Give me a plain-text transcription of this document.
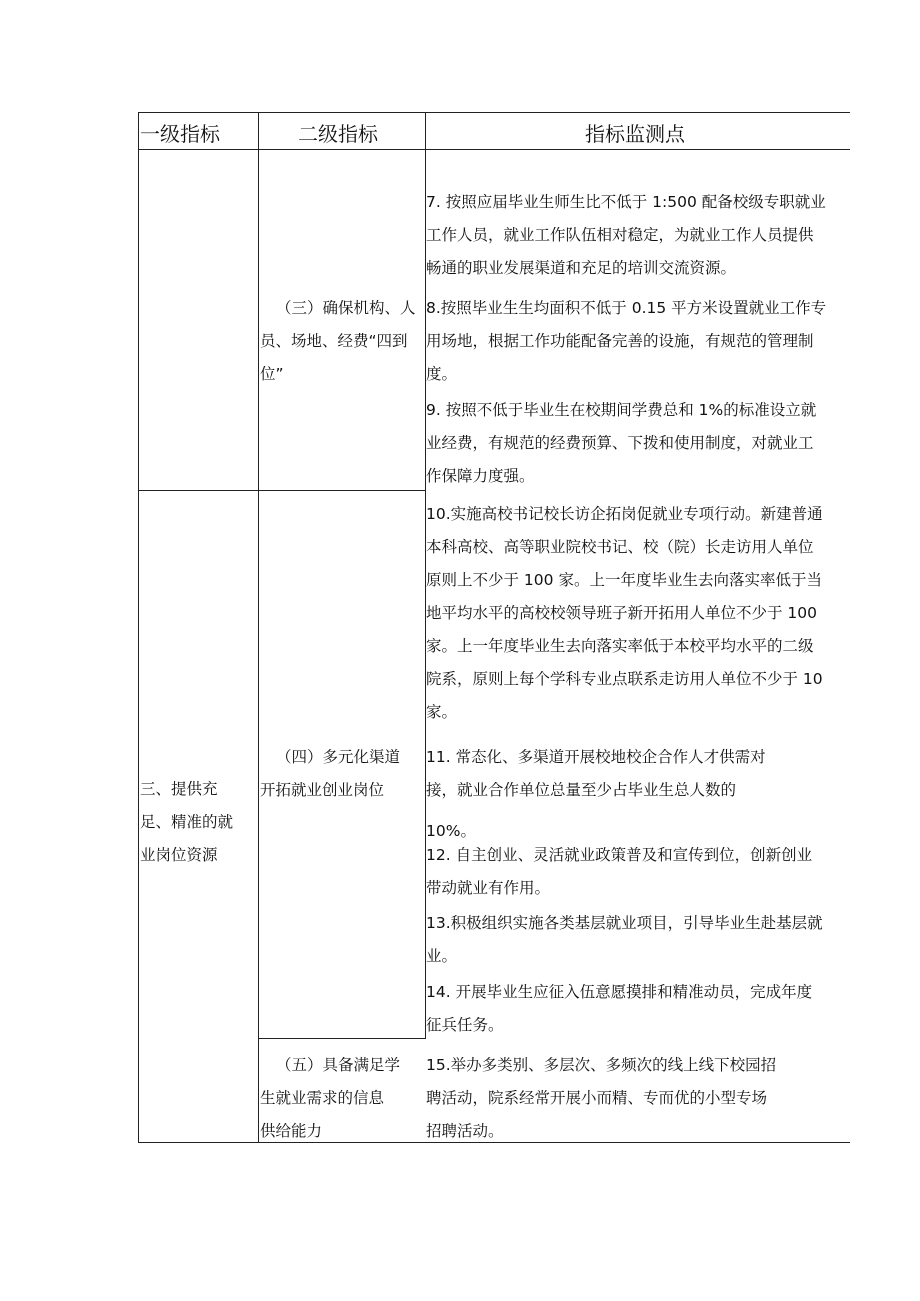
一级指标	二级指标	指标监测点
三、提供充
足、精准的就
业岗位资源
（三）确保机构、人
员、场地、经费“四到
位”
（四）多元化渠道
开拓就业创业岗位
（五）具备满足学
生就业需求的信息
供给能力
7. 按照应届毕业生师生比不低于 1:500 配备校级专职就业
工作人员，就业工作队伍相对稳定，为就业工作人员提供
畅通的职业发展渠道和充足的培训交流资源。
8.按照毕业生生均面积不低于 0.15 平方米设置就业工作专
用场地，根据工作功能配备完善的设施，有规范的管理制
度。
9. 按照不低于毕业生在校期间学费总和 1%的标准设立就
业经费，有规范的经费预算、下拨和使用制度，对就业工
作保障力度强。
10.实施高校书记校长访企拓岗促就业专项行动。新建普通
本科高校、高等职业院校书记、校（院）长走访用人单位
原则上不少于 100 家。上一年度毕业生去向落实率低于当
地平均水平的高校校领导班子新开拓用人单位不少于 100
家。上一年度毕业生去向落实率低于本校平均水平的二级
院系，原则上每个学科专业点联系走访用人单位不少于 10
家。
11. 常态化、多渠道开展校地校企合作人才供需对
接，就业合作单位总量至少占毕业生总人数的
10%。
12. 自主创业、灵活就业政策普及和宣传到位，创新创业
带动就业有作用。
13.积极组织实施各类基层就业项目，引导毕业生赴基层就
业。
14. 开展毕业生应征入伍意愿摸排和精准动员，完成年度
征兵任务。
15.举办多类别、多层次、多频次的线上线下校园招
聘活动，院系经常开展小而精、专而优的小型专场
招聘活动。
